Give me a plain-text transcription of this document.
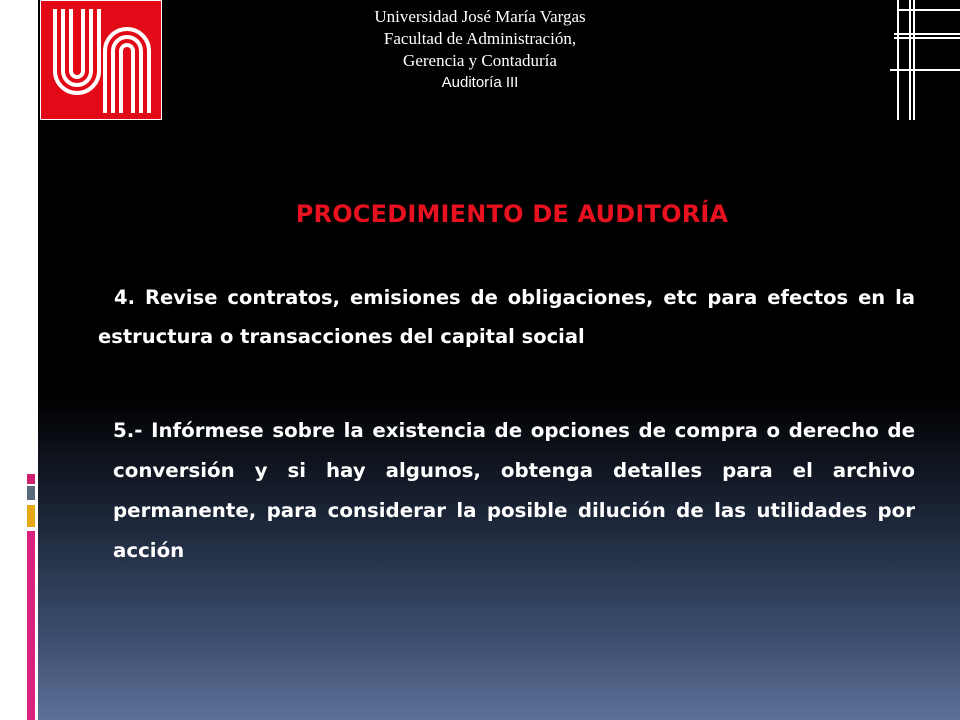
Universidad José María Vargas
Facultad de Administración,
Gerencia y Contaduría
Auditoría III
PROCEDIMIENTO DE AUDITORÍA
4. Revise contratos, emisiones de obligaciones, etc para efectos en la estructura o transacciones del capital social
5.- Infórmese sobre la existencia de opciones de compra o derecho de conversión y si hay algunos, obtenga detalles para el archivo permanente, para considerar la posible dilución de las utilidades por acción
